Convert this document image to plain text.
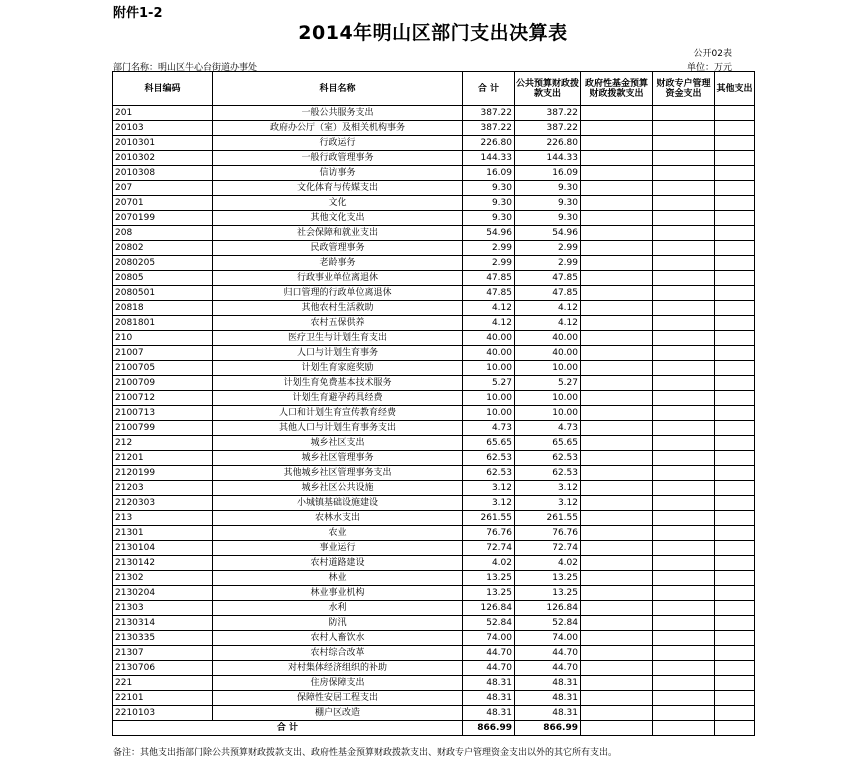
附件1-2
2014年明山区部门支出决算表
公开02表
部门名称：明山区牛心台街道办事处	单位：万元
科目编码	科目名称	合 计	公共预算财政拨款支出	政府性基金预算财政拨款支出	财政专户管理资金支出	其他支出
201	一般公共服务支出	387.22	387.22			
20103	政府办公厅（室）及相关机构事务	387.22	387.22			
2010301	行政运行	226.80	226.80			
2010302	一般行政管理事务	144.33	144.33			
2010308	信访事务	16.09	16.09			
207	文化体育与传媒支出	9.30	9.30			
20701	文化	9.30	9.30			
2070199	其他文化支出	9.30	9.30			
208	社会保障和就业支出	54.96	54.96			
20802	民政管理事务	2.99	2.99			
2080205	老龄事务	2.99	2.99			
20805	行政事业单位离退休	47.85	47.85			
2080501	归口管理的行政单位离退休	47.85	47.85			
20818	其他农村生活救助	4.12	4.12			
2081801	农村五保供养	4.12	4.12			
210	医疗卫生与计划生育支出	40.00	40.00			
21007	人口与计划生育事务	40.00	40.00			
2100705	计划生育家庭奖励	10.00	10.00			
2100709	计划生育免费基本技术服务	5.27	5.27			
2100712	计划生育避孕药具经费	10.00	10.00			
2100713	人口和计划生育宣传教育经费	10.00	10.00			
2100799	其他人口与计划生育事务支出	4.73	4.73			
212	城乡社区支出	65.65	65.65			
21201	城乡社区管理事务	62.53	62.53			
2120199	其他城乡社区管理事务支出	62.53	62.53			
21203	城乡社区公共设施	3.12	3.12			
2120303	小城镇基础设施建设	3.12	3.12			
213	农林水支出	261.55	261.55			
21301	农业	76.76	76.76			
2130104	事业运行	72.74	72.74			
2130142	农村道路建设	4.02	4.02			
21302	林业	13.25	13.25			
2130204	林业事业机构	13.25	13.25			
21303	水利	126.84	126.84			
2130314	防汛	52.84	52.84			
2130335	农村人畜饮水	74.00	74.00			
21307	农村综合改革	44.70	44.70			
2130706	对村集体经济组织的补助	44.70	44.70			
221	住房保障支出	48.31	48.31			
22101	保障性安居工程支出	48.31	48.31			
2210103	棚户区改造	48.31	48.31			
合 计		866.99	866.99			
备注：其他支出指部门除公共预算财政拨款支出、政府性基金预算财政拨款支出、财政专户管理资金支出以外的其它所有支出。
